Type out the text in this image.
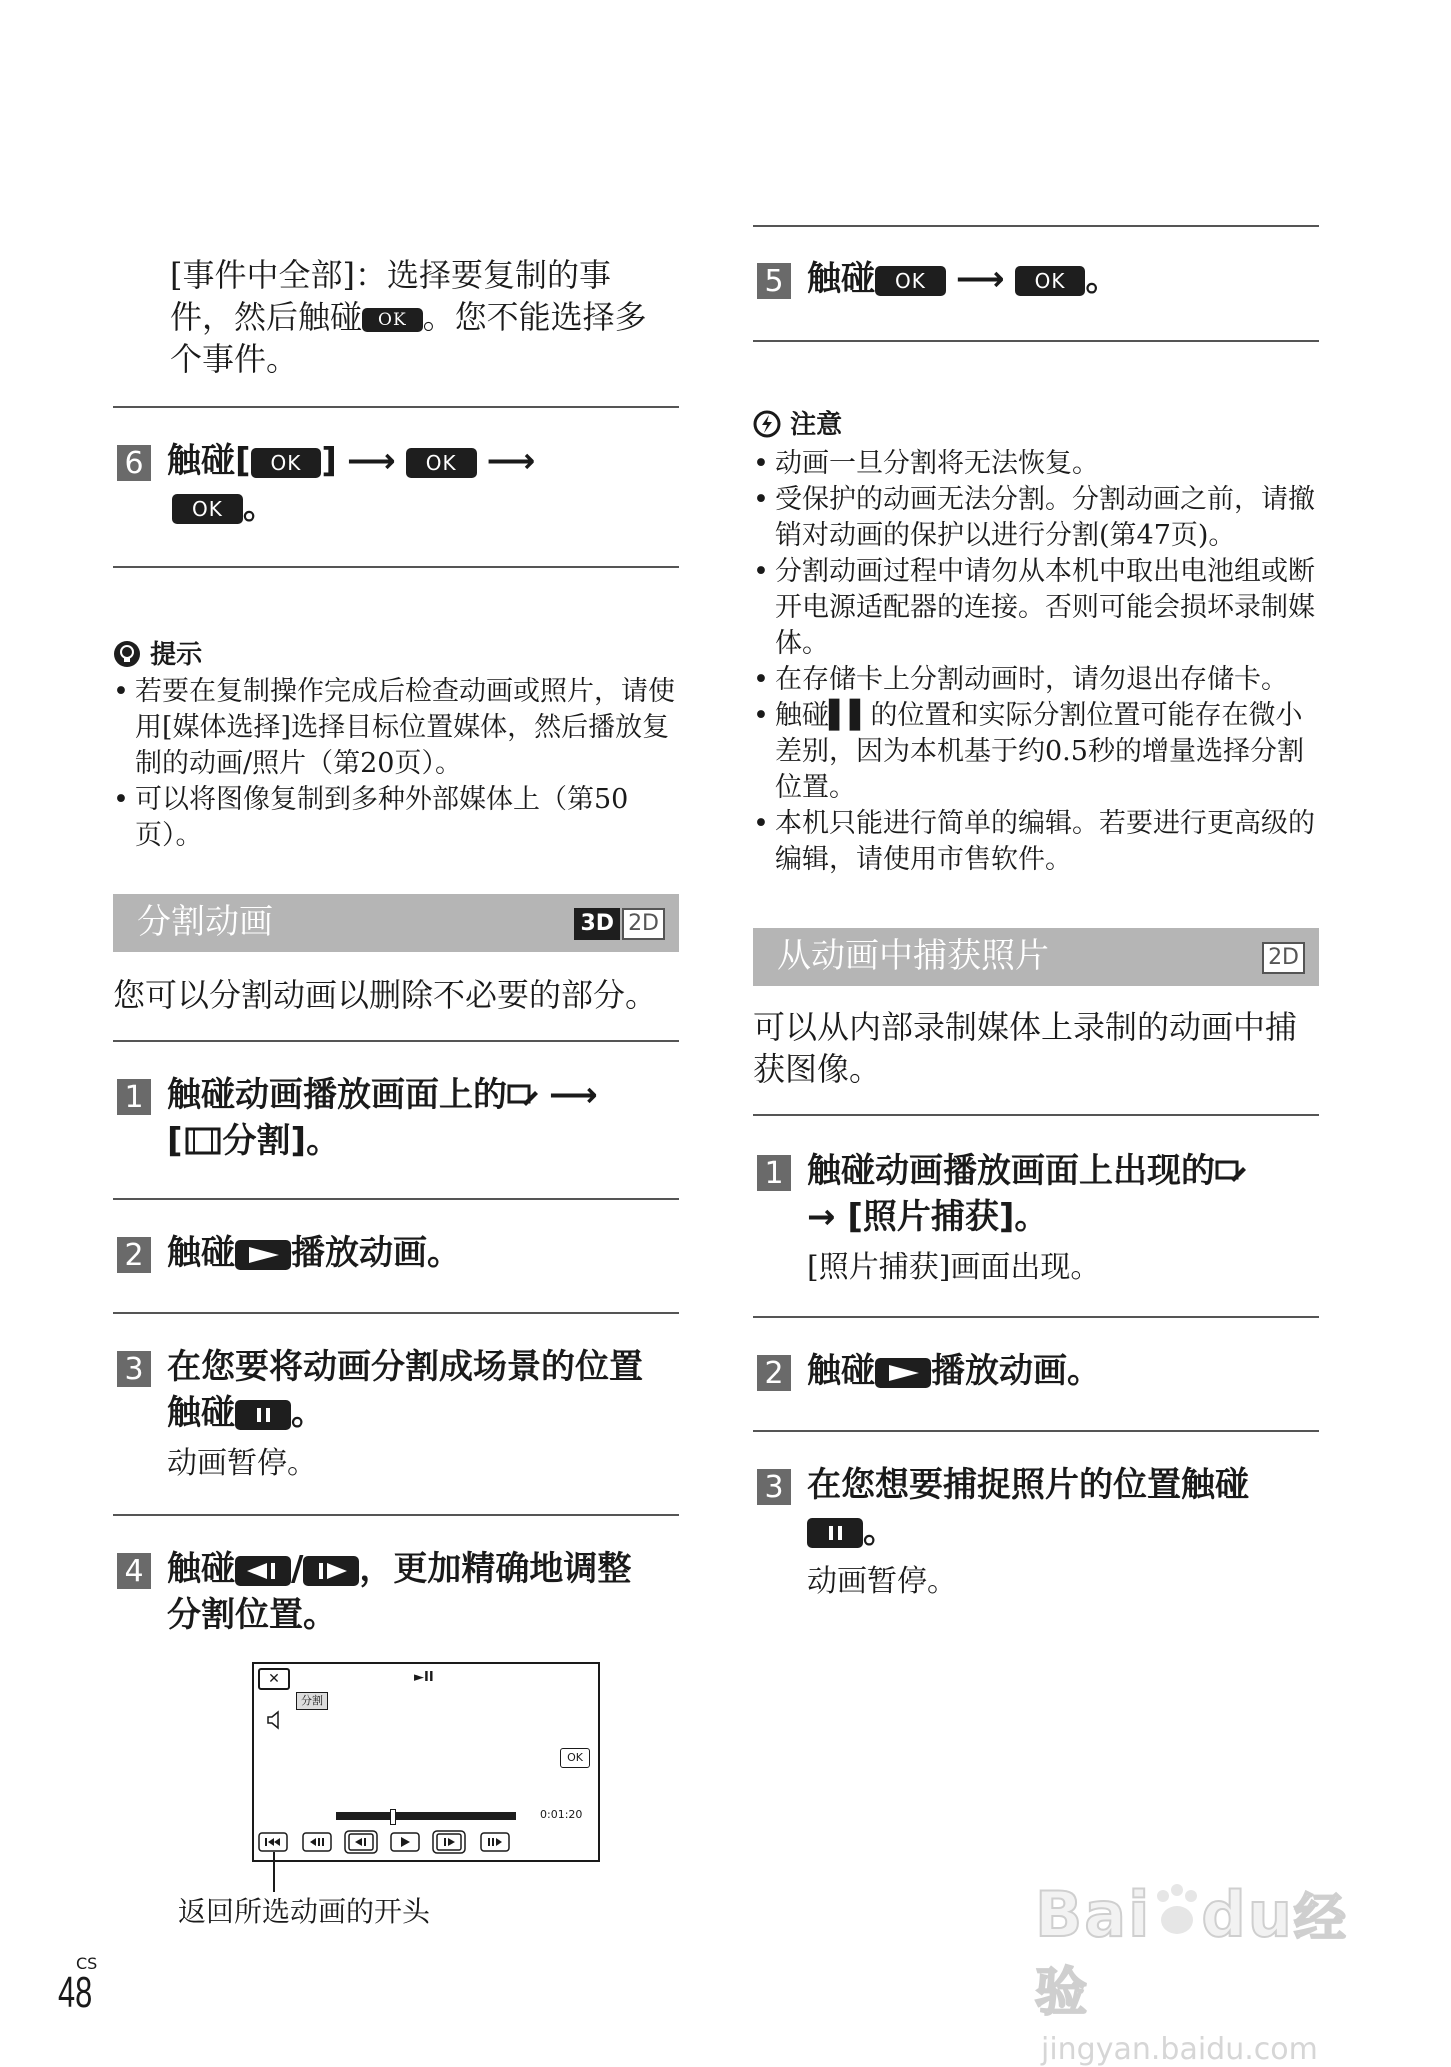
[事件中全部]：选择要复制的事
件，然后触碰 OK 。您不能选择多
个事件。
6 触碰[ OK ] ⟶ OK ⟶
OK 。
提示
• 若要在复制操作完成后检查动画或照片，请使用[媒体选择]选择目标位置媒体，然后播放复制的动画/照片（第20页）。
• 可以将图像复制到多种外部媒体上（第50页）。
分割动画	3D 2D
您可以分割动画以删除不必要的部分。
1 触碰动画播放画面上的 ⟶
[ 分割]。
2 触碰 播放动画。
3 在您要将动画分割成场景的位置
触碰 。
动画暂停。
4 触碰 / ，更加精确地调整
分割位置。
✕	►II
分割
OK
0:01:20
返回所选动画的开头
5 触碰 OK ⟶ OK 。
注意
• 动画一旦分割将无法恢复。
• 受保护的动画无法分割。分割动画之前，请撤销对动画的保护以进行分割(第47页)。
• 分割动画过程中请勿从本机中取出电池组或断开电源适配器的连接。否则可能会损坏录制媒体。
• 在存储卡上分割动画时，请勿退出存储卡。
• 触碰▌▌的位置和实际分割位置可能存在微小差别，因为本机基于约0.5秒的增量选择分割位置。
• 本机只能进行简单的编辑。若要进行更高级的编辑，请使用市售软件。
从动画中捕获照片	2D
可以从内部录制媒体上录制的动画中捕
获图像。
1 触碰动画播放画面上出现的
→ [照片捕获]。
[照片捕获]画面出现。
2 触碰 播放动画。
3 在您想要捕捉照片的位置触碰
。
动画暂停。
CS
48
Bai du经验
jingyan.baidu.com
